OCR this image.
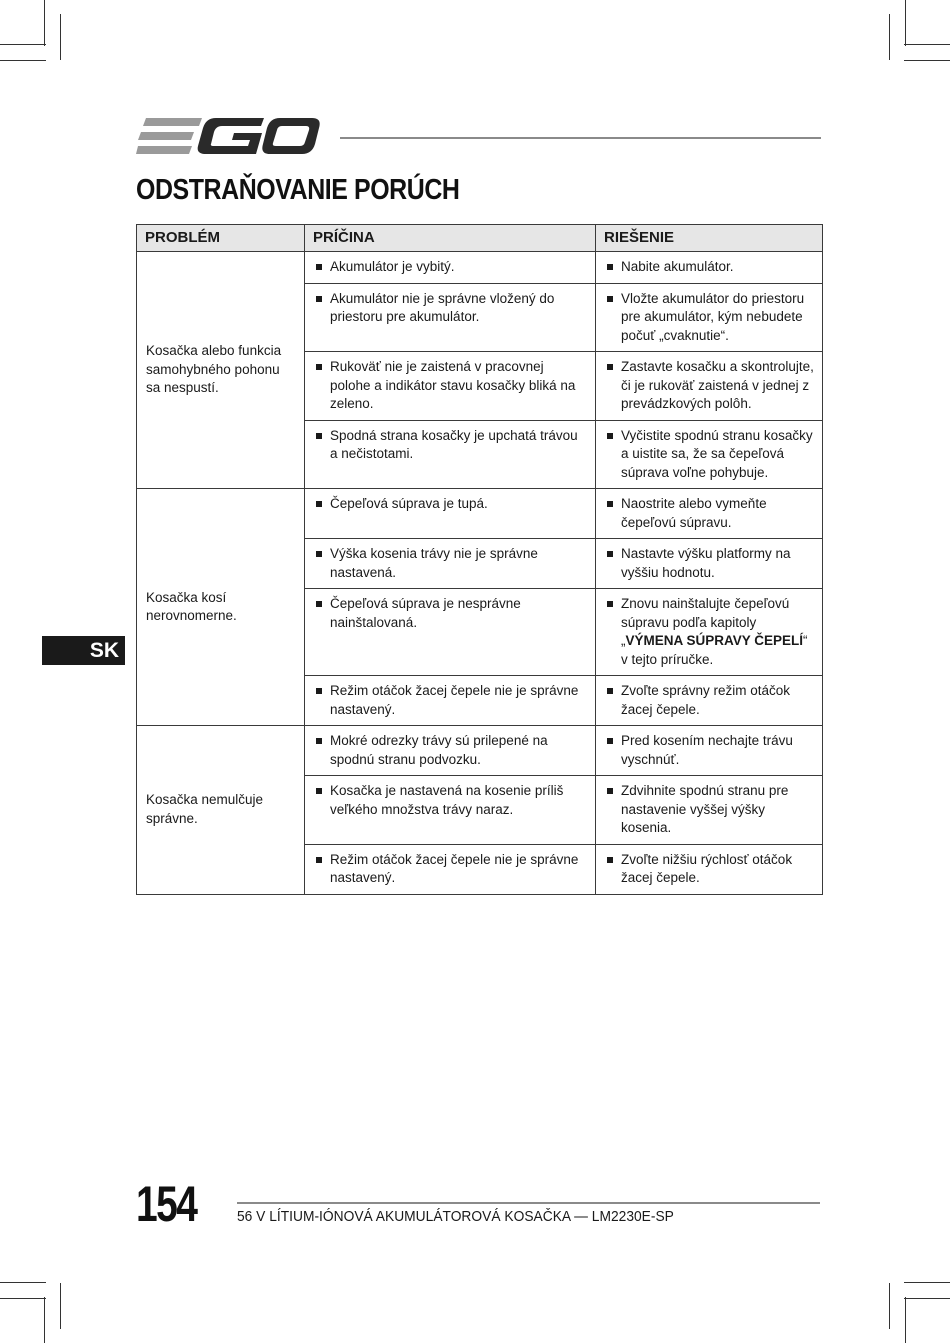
ODSTRAŇOVANIE PORÚCH
SK
PROBLÉM	PRÍČINA	RIEŠENIE
Kosačka alebo funkcia samohybného pohonu sa nespustí.	Akumulátor je vybitý.	Nabite akumulátor.

Akumulátor nie je správne vložený do priestoru pre akumulátor.	Vložte akumulátor do priestoru pre akumulátor, kým nebudete počuť „cvaknutie“.

Rukoväť nie je zaistená v pracovnej polohe a indikátor stavu kosačky bliká na zeleno.	Zastavte kosačku a skontrolujte, či je rukoväť zaistená v jednej z prevádzkových polôh.

Spodná strana kosačky je upchatá trávou a nečistotami.	Vyčistite spodnú stranu kosačky a uistite sa, že sa čepeľová súprava voľne pohybuje.

Kosačka kosí nerovnomerne.	Čepeľová súprava je tupá.	Naostrite alebo vymeňte čepeľovú súpravu.

Výška kosenia trávy nie je správne nastavená.	Nastavte výšku platformy na vyššiu hodnotu.

Čepeľová súprava je nesprávne nainštalovaná.	Znovu nainštalujte čepeľovú súpravu podľa kapitoly „VÝMENA SÚPRAVY ČEPELÍ“ v tejto príručke.

Režim otáčok žacej čepele nie je správne nastavený.	Zvoľte správny režim otáčok žacej čepele.

Kosačka nemulčuje správne.	Mokré odrezky trávy sú prilepené na spodnú stranu podvozku.	Pred kosením nechajte trávu vyschnúť.

Kosačka je nastavená na kosenie príliš veľkého množstva trávy naraz.	Zdvihnite spodnú stranu pre nastavenie vyššej výšky kosenia.

Režim otáčok žacej čepele nie je správne nastavený.	Zvoľte nižšiu rýchlosť otáčok žacej čepele.
154	56 V LÍTIUM-IÓNOVÁ AKUMULÁTOROVÁ KOSAČKA — LM2230E-SP
